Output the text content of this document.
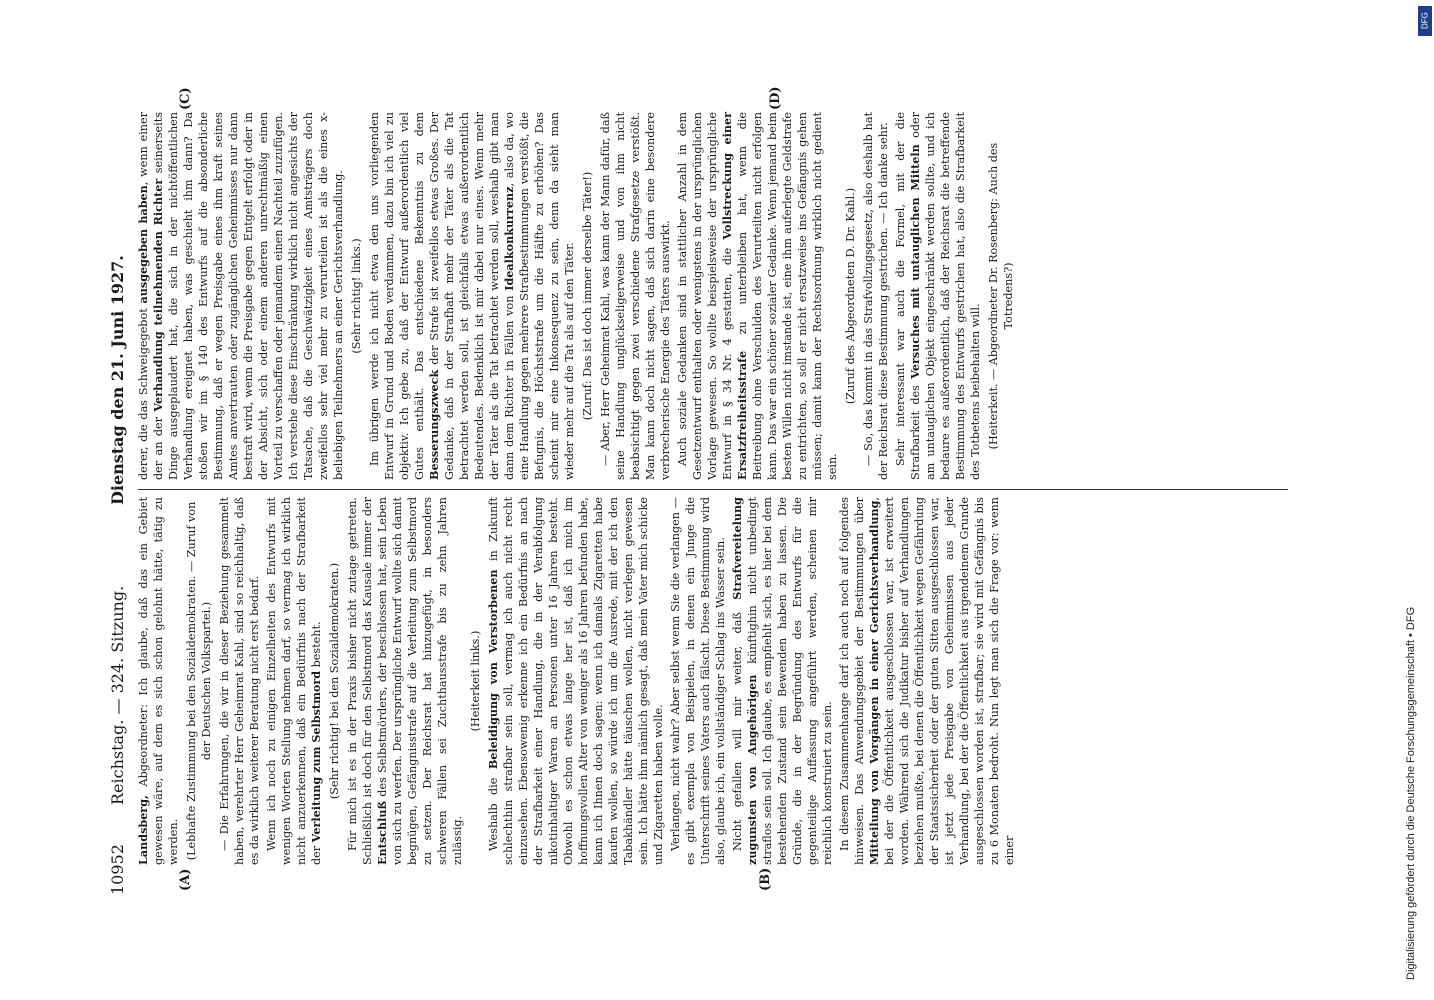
10952
Reichstag. — 324. Sitzung.
Dienstag den 21. Juni 1927.
(A)	(B)
(C)	(D)

Landsberg, Abgeordneter: Ich glaube, daß das ein Gebiet gewesen wäre, auf dem es sich schon gelohnt hätte, tätig zu werden. (Lebhafte Zustimmung bei den Sozialdemokraten. — Zuruf von der Deutschen Volkspartei.) — Die Erfahrungen, die wir in dieser Beziehung gesammelt haben, verehrter Herr Geheimrat Kahl, sind so reichhaltig, daß es da wirklich weiterer Beratung nicht erst bedarf. Wenn ich noch zu einigen Einzelheiten des Entwurfs mit wenigen Worten Stellung nehmen darf, so vermag ich wirklich nicht anzuerkennen, daß ein Bedürfnis nach der Strafbarkeit der Verleitung zum Selbstmord besteht. (Sehr richtig! bei den Sozialdemokraten.) Für mich ist es in der Praxis bisher nicht zutage getreten. Schließlich ist doch für den Selbstmord das Kausale immer der Entschluß des Selbstmörders, der beschlossen hat, sein Leben von sich zu werfen. Der ursprüngliche Entwurf wollte sich damit begnügen, Gefängnisstrafe auf die Verleitung zum Selbstmord zu setzen. Der Reichsrat hat hinzugefügt, in besonders schweren Fällen sei Zuchthausstrafe bis zu zehn Jahren zulässig.

(Heiterkeit links.)

Weshalb die Beleidigung von Verstorbenen in Zukunft schlechthin strafbar sein soll, vermag ich auch nicht recht einzusehen. Ebensowenig erkenne ich ein Bedürfnis an nach der Strafbarkeit einer Handlung, die in der Verabfolgung nikotinhaltiger Waren an Personen unter 16 Jahren besteht. Obwohl es schon etwas lange her ist, daß ich mich im hoffnungsvollen Alter von weniger als 16 Jahren befunden habe, kann ich Ihnen doch sagen: wenn ich damals Zigaretten habe kaufen wollen, so würde ich um die Ausrede, mit der ich den Tabakhändler hätte täuschen wollen, nicht verlegen gewesen sein. Ich hätte ihm nämlich gesagt, daß mein Vater mich schicke und Zigaretten haben wolle. Verlangen, nicht wahr? Aber selbst wenn Sie die verlangen — es gibt exempla von Beispielen, in denen ein Junge die Unterschrift seines Vaters auch fälscht. Diese Bestimmung wird also, glaube ich, ein vollständiger Schlag ins Wasser sein. Nicht gefallen will mir weiter, daß Strafvereitelung zugunsten von Angehörigen künftighin nicht unbedingt straflos sein soll. Ich glaube, es empfiehlt sich, es hier bei dem bestehenden Zustand sein Bewenden haben zu lassen. Die Gründe, die in der Begründung des Entwurfs für die gegenteilige Auffassung angeführt werden, scheinen mir reichlich konstruiert zu sein. In diesem Zusammenhange darf ich auch noch auf folgendes hinweisen. Das Anwendungsgebiet der Bestimmungen über Mitteilung von Vorgängen in einer Gerichtsverhandlung, bei der die Öffentlichkeit ausgeschlossen war, ist erweitert worden. Während sich die Judikatur bisher auf Verhandlungen beziehen mußte, bei denen die Öffentlichkeit wegen Gefährdung der Staatssicherheit oder der guten Sitten ausgeschlossen war, ist jetzt jede Preisgabe von Geheimnissen aus jeder Verhandlung, bei der die Öffentlichkeit aus irgendeinem Grunde ausgeschlossen worden ist, strafbar; sie wird mit Gefängnis bis zu 6 Monaten bedroht. Nun legt man sich die Frage vor: wenn einer

derer, die das Schweigegebot ausgegeben haben, wenn einer der an der Verhandlung teilnehmenden Richter seinerseits Dinge ausgeplaudert hat, die sich in der nichtöffentlichen Verhandlung ereignet haben, was geschieht ihm dann? Da stoßen wir im § 140 des Entwurfs auf die absonderliche Bestimmung, daß er wegen Preisgabe eines ihm kraft seines Amtes anvertrauten oder zugänglichen Geheimnisses nur dann bestraft wird, wenn die Preisgabe gegen Entgelt erfolgt oder in der Absicht, sich oder einem anderen unrechtmäßig einen Vorteil zu verschaffen oder jemandem einen Nachteil zuzufügen. Ich verstehe diese Einschränkung wirklich nicht angesichts der Tatsache, daß die Geschwätzigkeit eines Amtsträgers doch zweifellos sehr viel mehr zu verurteilen ist als die eines x-beliebigen Teilnehmers an einer Gerichtsverhandlung. (Sehr richtig! links.) Im übrigen werde ich nicht etwa den uns vorliegenden Entwurf in Grund und Boden verdammen, dazu bin ich viel zu objektiv. Ich gebe zu, daß der Entwurf außerordentlich viel Gutes enthält. Das entschiedene Bekenntnis zu dem Besserungszweck der Strafe ist zweifellos etwas Großes. Der Gedanke, daß in der Strafhaft mehr der Täter als die Tat betrachtet werden soll, ist gleichfalls etwas außerordentlich Bedeutendes. Bedenklich ist mir dabei nur eines. Wenn mehr der Täter als die Tat betrachtet werden soll, weshalb gibt man dann dem Richter in Fällen von Idealkonkurrenz, also da, wo eine Handlung gegen mehrere Strafbestimmungen verstößt, die Befugnis, die Höchststrafe um die Hälfte zu erhöhen? Das scheint mir eine Inkonsequenz zu sein, denn da sieht man wieder mehr auf die Tat als auf den Täter. (Zuruf: Das ist doch immer derselbe Täter!) — Aber, Herr Geheimrat Kahl, was kann der Mann dafür, daß seine Handlung unglückseligerweise und von ihm nicht beabsichtigt gegen zwei verschiedene Strafgesetze verstößt. Man kann doch nicht sagen, daß sich darin eine besondere verbrecherische Energie des Täters auswirkt. Auch soziale Gedanken sind in stattlicher Anzahl in dem Gesetzentwurf enthalten oder wenigstens in der ursprünglichen Vorlage gewesen. So wollte beispielsweise der ursprüngliche Entwurf in § 34 Nr. 4 gestatten, die Vollstreckung einer Ersatzfreiheitsstrafe zu unterbleiben hat, wenn die Beitreibung ohne Verschulden des Verurteilten nicht erfolgen kann. Das war ein schöner sozialer Gedanke. Wenn jemand beim besten Willen nicht imstande ist, eine ihm auferlegte Geldstrafe zu entrichten, so soll er nicht ersatzweise ins Gefängnis gehen müssen; damit kann der Rechtsordnung wirklich nicht gedient sein.

(Zuruf des Abgeordneten D. Dr. Kahl.) — So, das kommt in das Strafvollzugsgesetz, also deshalb hat der Reichsrat diese Bestimmung gestrichen. — Ich danke sehr. Sehr interessant war auch die Formel, mit der die Strafbarkeit des Versuches mit untauglichen Mitteln oder am untauglichen Objekt eingeschränkt werden sollte, und ich bedaure es außerordentlich, daß der Reichsrat die betreffende Bestimmung des Entwurfs gestrichen hat, also die Strafbarkeit des Totbetens beibehalten will. (Heiterkeit. — Abgeordneter Dr. Rosenberg: Auch des Totredens?)

Digitalisierung gefördert durch die Deutsche Forschungsgemeinschaft • DFG
DFG
